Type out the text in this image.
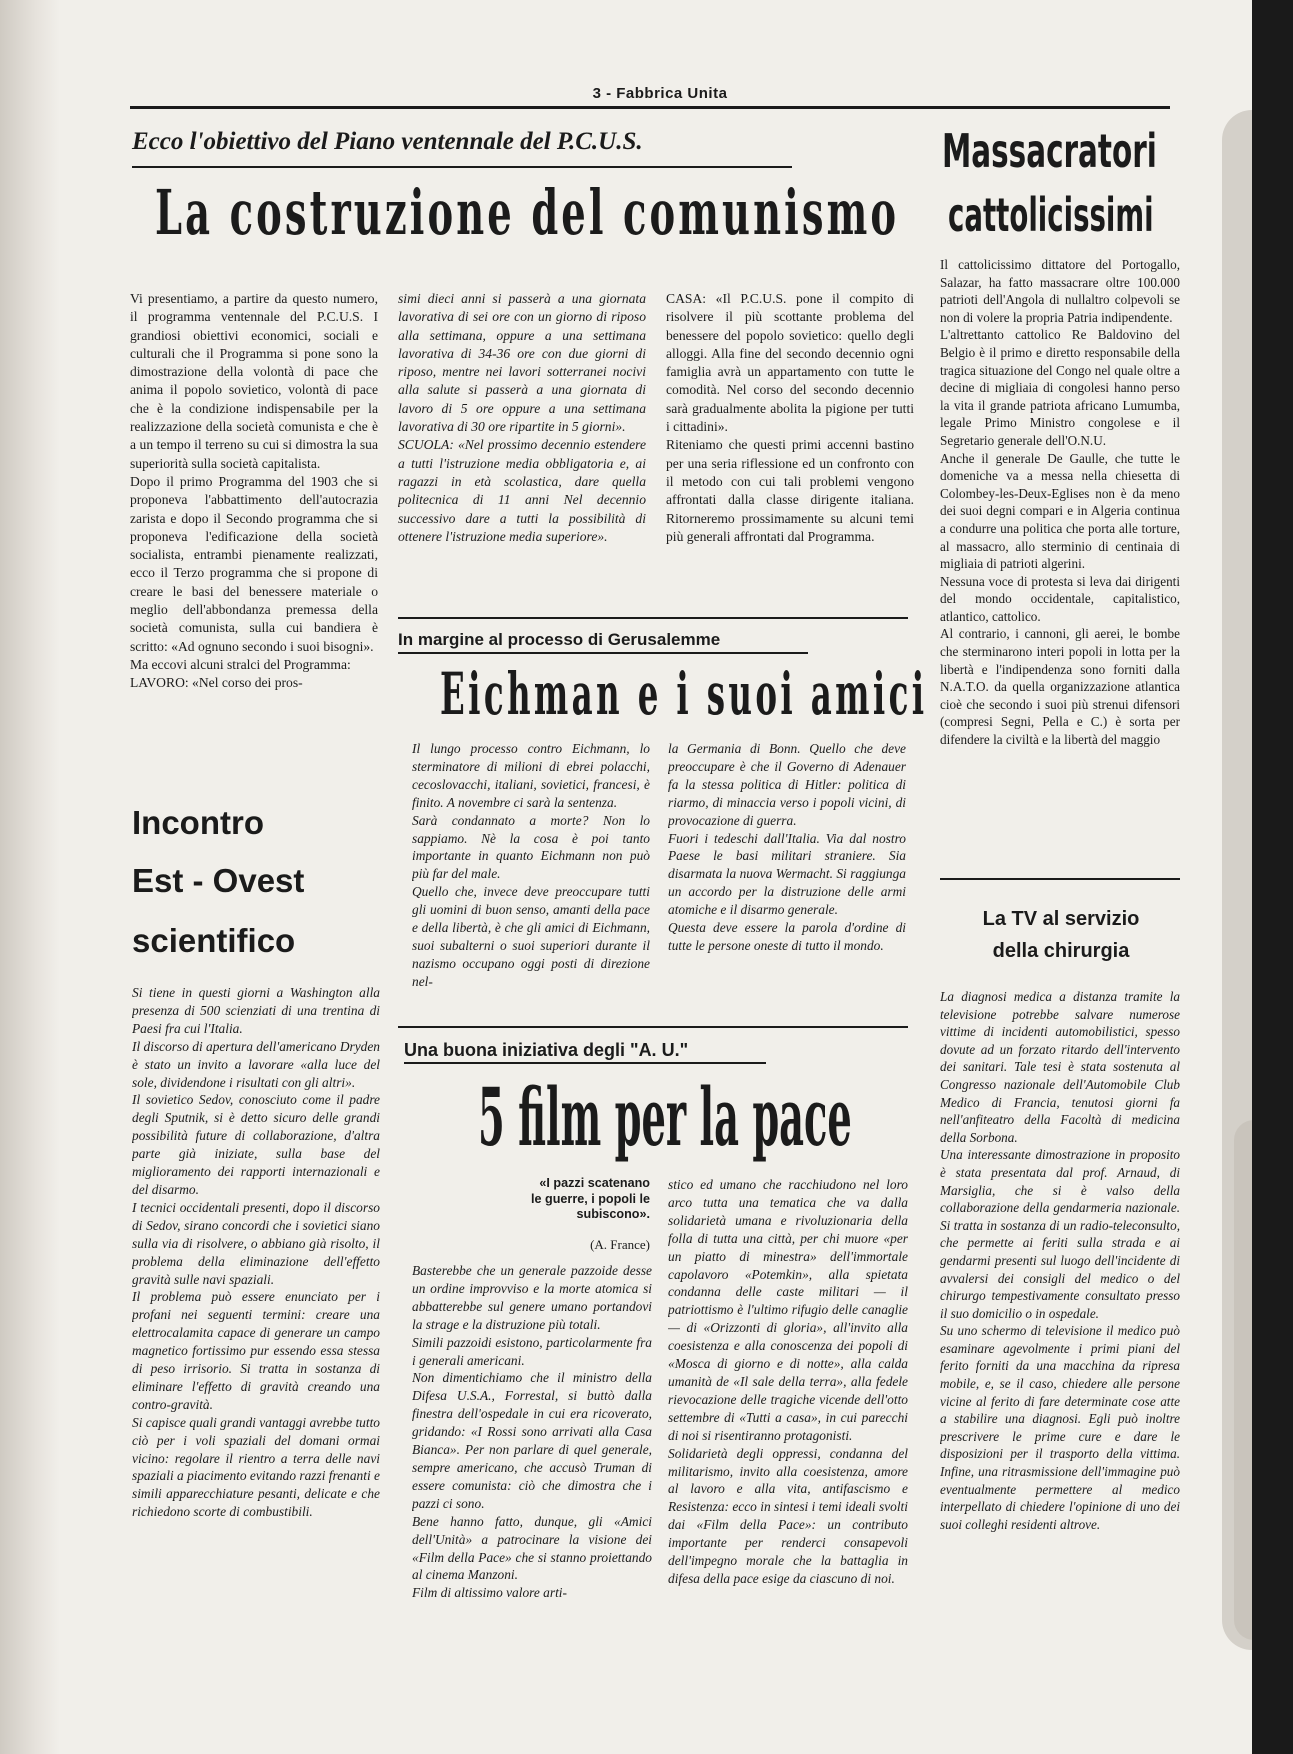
3 - Fabbrica Unita
Ecco l'obiettivo del Piano ventennale del P.C.U.S.
La costruzione del comunismo
Vi presentiamo, a partire da questo numero, il programma ventennale del P.C.U.S. I grandiosi obiettivi economici, sociali e culturali che il Programma si pone sono la dimostrazione della volontà di pace che anima il popolo sovietico, volontà di pace che è la condizione indispensabile per la realizzazione della società comunista e che è a un tempo il terreno su cui si dimostra la sua superiorità sulla società capitalista.
Dopo il primo Programma del 1903 che si proponeva l'abbattimento dell'autocrazia zarista e dopo il Secondo programma che si proponeva l'edificazione della società socialista, entrambi pienamente realizzati, ecco il Terzo programma che si propone di creare le basi del benessere materiale o meglio dell'abbondanza premessa della società comunista, sulla cui bandiera è scritto: «Ad ognuno secondo i suoi bisogni».
Ma eccovi alcuni stralci del Programma:
LAVORO: «Nel corso dei pros-
simi dieci anni si passerà a una giornata lavorativa di sei ore con un giorno di riposo alla settimana, oppure a una settimana lavorativa di 34-36 ore con due giorni di riposo, mentre nei lavori sotterranei nocivi alla salute si passerà a una giornata di lavoro di 5 ore oppure a una settimana lavorativa di 30 ore ripartite in 5 giorni».
SCUOLA: «Nel prossimo decennio estendere a tutti l'istruzione media obbligatoria e, ai ragazzi in età scolastica, dare quella politecnica di 11 anni Nel decennio successivo dare a tutti la possibilità di ottenere l'istruzione media superiore».
CASA: «Il P.C.U.S. pone il compito di risolvere il più scottante problema del benessere del popolo sovietico: quello degli alloggi. Alla fine del secondo decennio ogni famiglia avrà un appartamento con tutte le comodità. Nel corso del secondo decennio sarà gradualmente abolita la pigione per tutti i cittadini».
Riteniamo che questi primi accenni bastino per una seria riflessione ed un confronto con il metodo con cui tali problemi vengono affrontati dalla classe dirigente italiana. Ritorneremo prossimamente su alcuni temi più generali affrontati dal Programma.
Massacratori
cattolicissimi
Il cattolicissimo dittatore del Portogallo, Salazar, ha fatto massacrare oltre 100.000 patrioti dell'Angola di nullaltro colpevoli se non di volere la propria Patria indipendente.
L'altrettanto cattolico Re Baldovino del Belgio è il primo e diretto responsabile della tragica situazione del Congo nel quale oltre a decine di migliaia di congolesi hanno perso la vita il grande patriota africano Lumumba, legale Primo Ministro congolese e il Segretario generale dell'O.N.U.
Anche il generale De Gaulle, che tutte le domeniche va a messa nella chiesetta di Colombey-les-Deux-Eglises non è da meno dei suoi degni compari e in Algeria continua a condurre una politica che porta alle torture, al massacro, allo sterminio di centinaia di migliaia di patrioti algerini.
Nessuna voce di protesta si leva dai dirigenti del mondo occidentale, capitalistico, atlantico, cattolico.
Al contrario, i cannoni, gli aerei, le bombe che sterminarono interi popoli in lotta per la libertà e l'indipendenza sono forniti dalla N.A.T.O. da quella organizzazione atlantica cioè che secondo i suoi più strenui difensori (compresi Segni, Pella e C.) è sorta per difendere la civiltà e la libertà del maggio
Incontro
Est - Ovest
scientifico
Si tiene in questi giorni a Washington alla presenza di 500 scienziati di una trentina di Paesi fra cui l'Italia.
Il discorso di apertura dell'americano Dryden è stato un invito a lavorare «alla luce del sole, dividendone i risultati con gli altri».
Il sovietico Sedov, conosciuto come il padre degli Sputnik, si è detto sicuro delle grandi possibilità future di collaborazione, d'altra parte già iniziate, sulla base del miglioramento dei rapporti internazionali e del disarmo.
I tecnici occidentali presenti, dopo il discorso di Sedov, sirano concordi che i sovietici siano sulla via di risolvere, o abbiano già risolto, il problema della eliminazione dell'effetto gravità sulle navi spaziali.
Il problema può essere enunciato per i profani nei seguenti termini: creare una elettrocalamita capace di generare un campo magnetico fortissimo pur essendo essa stessa di peso irrisorio. Si tratta in sostanza di eliminare l'effetto di gravità creando una contro-gravità.
Si capisce quali grandi vantaggi avrebbe tutto ciò per i voli spaziali del domani ormai vicino: regolare il rientro a terra delle navi spaziali a piacimento evitando razzi frenanti e simili apparecchiature pesanti, delicate e che richiedono scorte di combustibili.
In margine al processo di Gerusalemme
Eichman e i suoi amici
Il lungo processo contro Eichmann, lo sterminatore di milioni di ebrei polacchi, cecoslovacchi, italiani, sovietici, francesi, è finito. A novembre ci sarà la sentenza.
Sarà condannato a morte? Non lo sappiamo. Nè la cosa è poi tanto importante in quanto Eichmann non può più far del male.
Quello che, invece deve preoccupare tutti gli uomini di buon senso, amanti della pace e della libertà, è che gli amici di Eichmann, suoi subalterni o suoi superiori durante il nazismo occupano oggi posti di direzione nel-
la Germania di Bonn. Quello che deve preoccupare è che il Governo di Adenauer fa la stessa politica di Hitler: politica di riarmo, di minaccia verso i popoli vicini, di provocazione di guerra.
Fuori i tedeschi dall'Italia. Via dal nostro Paese le basi militari straniere. Sia disarmata la nuova Wermacht. Si raggiunga un accordo per la distruzione delle armi atomiche e il disarmo generale.
Questa deve essere la parola d'ordine di tutte le persone oneste di tutto il mondo.
Una buona iniziativa degli "A. U."
5 film per la pace
«I pazzi scatenano le guerre, i popoli le subiscono».
(A. France)
Basterebbe che un generale pazzoide desse un ordine improvviso e la morte atomica si abbatterebbe sul genere umano portandovi la strage e la distruzione più totali.
Simili pazzoidi esistono, particolarmente fra i generali americani.
Non dimentichiamo che il ministro della Difesa U.S.A., Forrestal, si buttò dalla finestra dell'ospedale in cui era ricoverato, gridando: «I Rossi sono arrivati alla Casa Bianca». Per non parlare di quel generale, sempre americano, che accusò Truman di essere comunista: ciò che dimostra che i pazzi ci sono.
Bene hanno fatto, dunque, gli «Amici dell'Unità» a patrocinare la visione dei «Film della Pace» che si stanno proiettando al cinema Manzoni.
Film di altissimo valore arti-
stico ed umano che racchiudono nel loro arco tutta una tematica che va dalla solidarietà umana e rivoluzionaria della folla di tutta una città, per chi muore «per un piatto di minestra» dell'immortale capolavoro «Potemkin», alla spietata condanna delle caste militari — il patriottismo è l'ultimo rifugio delle canaglie — di «Orizzonti di gloria», all'invito alla coesistenza e alla conoscenza dei popoli di «Mosca di giorno e di notte», alla calda umanità de «Il sale della terra», alla fedele rievocazione delle tragiche vicende dell'otto settembre di «Tutti a casa», in cui parecchi di noi si risentiranno protagonisti.
Solidarietà degli oppressi, condanna del militarismo, invito alla coesistenza, amore al lavoro e alla vita, antifascismo e Resistenza: ecco in sintesi i temi ideali svolti dai «Film della Pace»: un contributo importante per renderci consapevoli dell'impegno morale che la battaglia in difesa della pace esige da ciascuno di noi.
La TV al servizio
della chirurgia
La diagnosi medica a distanza tramite la televisione potrebbe salvare numerose vittime di incidenti automobilistici, spesso dovute ad un forzato ritardo dell'intervento dei sanitari. Tale tesi è stata sostenuta al Congresso nazionale dell'Automobile Club Medico di Francia, tenutosi giorni fa nell'anfiteatro della Facoltà di medicina della Sorbona.
Una interessante dimostrazione in proposito è stata presentata dal prof. Arnaud, di Marsiglia, che si è valso della collaborazione della gendarmeria nazionale. Si tratta in sostanza di un radio-teleconsulto, che permette ai feriti sulla strada e ai gendarmi presenti sul luogo dell'incidente di avvalersi dei consigli del medico o del chirurgo tempestivamente consultato presso il suo domicilio o in ospedale.
Su uno schermo di televisione il medico può esaminare agevolmente i primi piani del ferito forniti da una macchina da ripresa mobile, e, se il caso, chiedere alle persone vicine al ferito di fare determinate cose atte a stabilire una diagnosi. Egli può inoltre prescrivere le prime cure e dare le disposizioni per il trasporto della vittima. Infine, una ritrasmissione dell'immagine può eventualmente permettere al medico interpellato di chiedere l'opinione di uno dei suoi colleghi residenti altrove.
